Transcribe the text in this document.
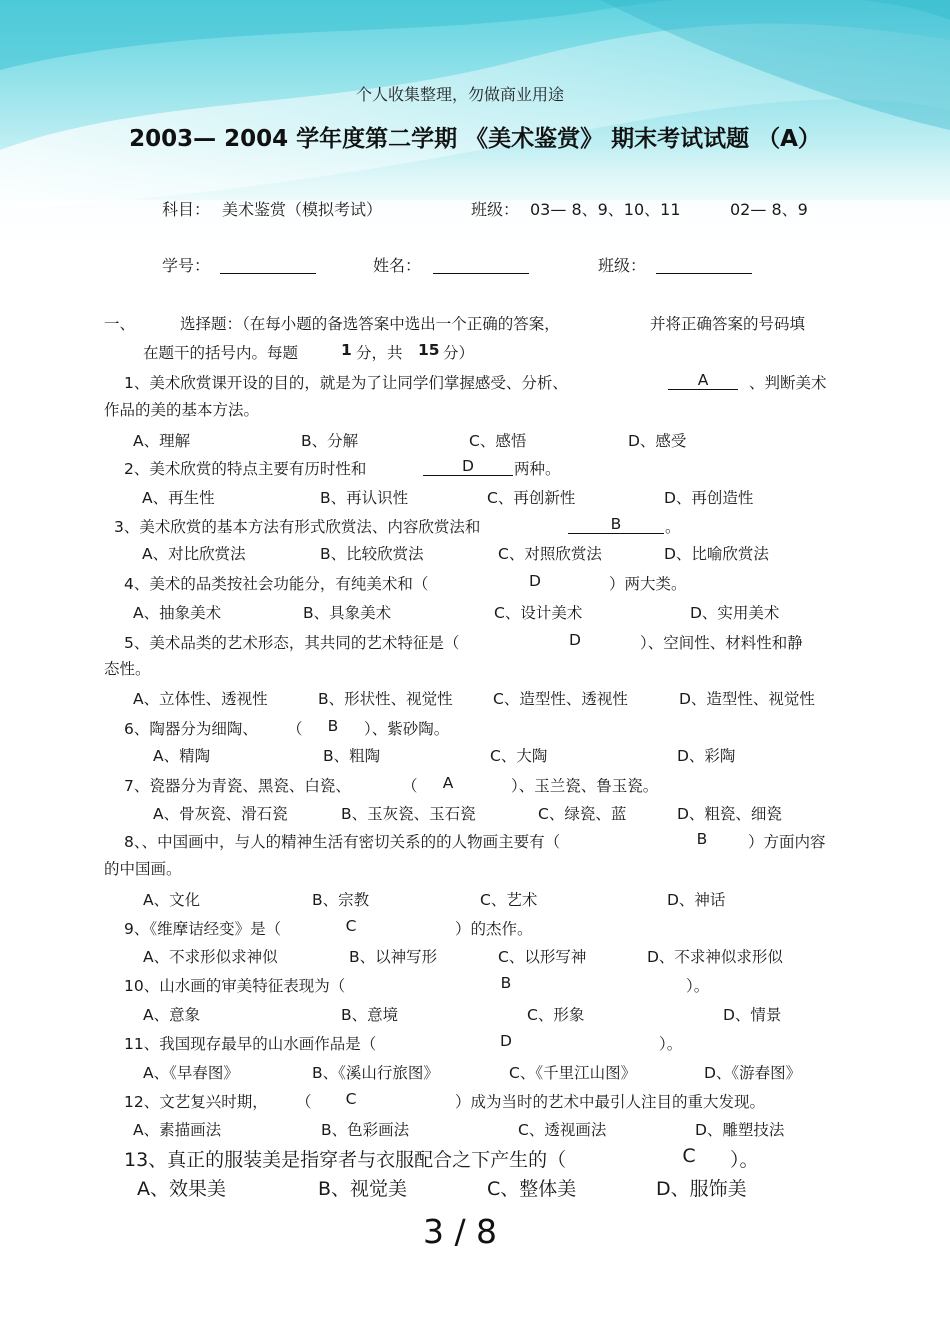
个人收集整理，勿做商业用途
2003— 2004 学年度第二学期 《美术鉴赏》 期末考试试题 （A）
科目： 美术鉴赏（模拟考试）	班级： 03— 8、9、10、11	02— 8、9
学号：	姓名：	班级：
一、	选择题：（在每小题的备选答案中选出一个正确的答案，	并将正确答案的号码填
在题干的括号内。每题	1 分，共 15 分）
1、美术欣赏课开设的目的，就是为了让同学们掌握感受、分析、	A	、判断美术
作品的美的基本方法。
A、理解	B、分解	C、感悟	D、感受
2、美术欣赏的特点主要有历时性和	D	两种。
A、再生性	B、再认识性	C、再创新性	D、再创造性
3、美术欣赏的基本方法有形式欣赏法、内容欣赏法和	B	。
A、对比欣赏法	B、比较欣赏法	C、对照欣赏法	D、比喻欣赏法
4、美术的品类按社会功能分，有纯美术和（	D	）两大类。
A、抽象美术	B、具象美术	C、设计美术	D、实用美术
5、美术品类的艺术形态，其共同的艺术特征是（	D	）、空间性、材料性和静
态性。
A、立体性、透视性	B、形状性、视觉性	C、造型性、透视性	D、造型性、视觉性
6、陶器分为细陶、 （	B	）、紫砂陶。
A、精陶	B、粗陶	C、大陶	D、彩陶
7、瓷器分为青瓷、黑瓷、白瓷、	（	A	）、玉兰瓷、鲁玉瓷。
A、骨灰瓷、滑石瓷	B、玉灰瓷、玉石瓷	C、绿瓷、蓝	D、粗瓷、细瓷
8、、中国画中，与人的精神生活有密切关系的的人物画主要有（	B	）方面内容
的中国画。
A、文化	B、宗教	C、艺术	D、神话
9、《维摩诘经变》是（	C	）的杰作。
A、不求形似求神似	B、以神写形	C、以形写神	D、不求神似求形似
10、山水画的审美特征表现为（	B	）。
A、意象	B、意境	C、形象	D、情景
11、我国现存最早的山水画作品是（	D	）。
A、《早春图》	B、《溪山行旅图》	C、《千里江山图》	D、《游春图》
12、文艺复兴时期， （	C	）成为当时的艺术中最引人注目的重大发现。
A、素描画法	B、色彩画法	C、透视画法	D、雕塑技法
13、真正的服装美是指穿者与衣服配合之下产生的（	C	）。
A、效果美	B、视觉美	C、整体美	D、服饰美
3 / 8
